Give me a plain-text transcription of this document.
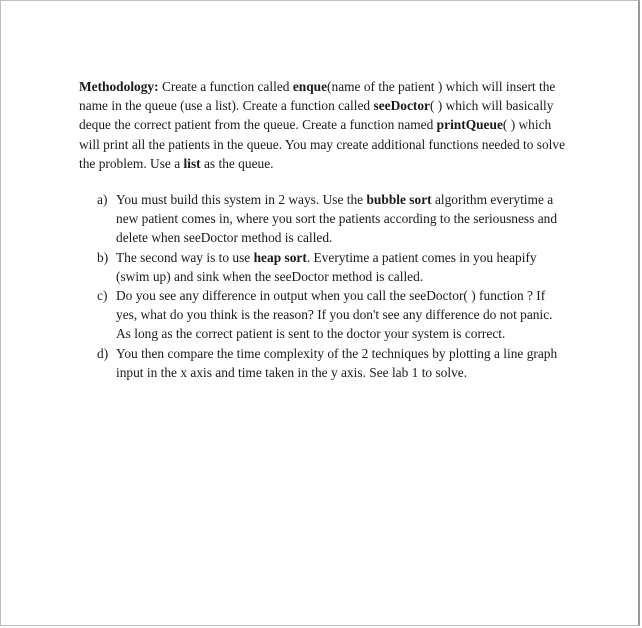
Methodology: Create a function called enque(name of the patient ) which will insert the name in the queue (use a list). Create a function called seeDoctor( ) which will basically deque the correct patient from the queue. Create a function named printQueue( ) which will print all the patients in the queue. You may create additional functions needed to solve the problem. Use a list as the queue.

a) You must build this system in 2 ways. Use the bubble sort algorithm everytime a new patient comes in, where you sort the patients according to the seriousness and delete when seeDoctor method is called.
b) The second way is to use heap sort. Everytime a patient comes in you heapify (swim up) and sink when the seeDoctor method is called.
c) Do you see any difference in output when you call the seeDoctor( ) function ? If yes, what do you think is the reason? If you don't see any difference do not panic. As long as the correct patient is sent to the doctor your system is correct.
d) You then compare the time complexity of the 2 techniques by plotting a line graph input in the x axis and time taken in the y axis. See lab 1 to solve.
